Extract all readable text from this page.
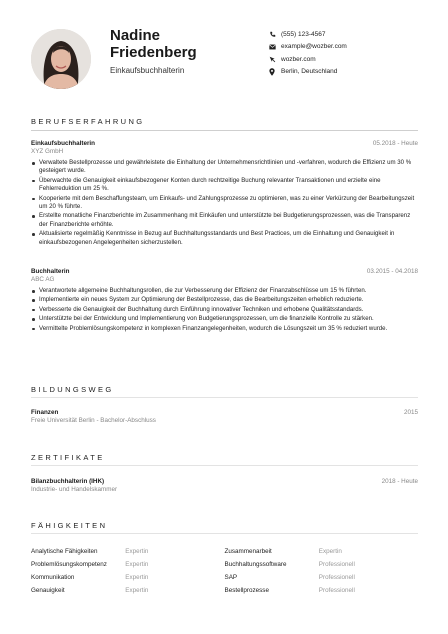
Nadine
Friedenberg
Einkaufsbuchhalterin
(555) 123-4567
example@wozber.com
wozber.com
Berlin, Deutschland
BERUFSERFAHRUNG
Einkaufsbuchhalterin	05.2018 - Heute
XYZ GmbH
Verwaltete Bestellprozesse und gewährleistete die Einhaltung der Unternehmensrichtlinien und -verfahren, wodurch die Effizienz um 30 % gesteigert wurde.
Überwachte die Genauigkeit einkaufsbezogener Konten durch rechtzeitige Buchung relevanter Transaktionen und erzielte eine Fehlerreduktion um 25 %.
Kooperierte mit dem Beschaffungsteam, um Einkaufs- und Zahlungsprozesse zu optimieren, was zu einer Verkürzung der Bearbeitungszeit um 20 % führte.
Erstellte monatliche Finanzberichte im Zusammenhang mit Einkäufen und unterstützte bei Budgetierungsprozessen, was die Transparenz der Finanzberichte erhöhte.
Aktualisierte regelmäßig Kenntnisse in Bezug auf Buchhaltungsstandards und Best Practices, um die Einhaltung und Genauigkeit in einkaufsbezogenen Angelegenheiten sicherzustellen.
Buchhalterin	03.2015 - 04.2018
ABC AG
Verantwortete allgemeine Buchhaltungsrollen, die zur Verbesserung der Effizienz der Finanzabschlüsse um 15 % führten.
Implementierte ein neues System zur Optimierung der Bestellprozesse, das die Bearbeitungszeiten erheblich reduzierte.
Verbesserte die Genauigkeit der Buchhaltung durch Einführung innovativer Techniken und erhobene Qualitätsstandards.
Unterstützte bei der Entwicklung und Implementierung von Budgetierungsprozessen, um die finanzielle Kontrolle zu stärken.
Vermittelte Problemlösungskompetenz in komplexen Finanzangelegenheiten, wodurch die Lösungszeit um 35 % reduziert wurde.
BILDUNGSWEG
Finanzen	2015
Freie Universität Berlin - Bachelor-Abschluss
ZERTIFIKATE
Bilanzbuchhalterin (IHK)	2018 - Heute
Industrie- und Handelskammer
FÄHIGKEITEN
Analytische Fähigkeiten	Expertin	Zusammenarbeit	Expertin
Problemlösungskompetenz	Expertin	Buchhaltungssoftware	Professionell
Kommunikation	Expertin	SAP	Professionell
Genauigkeit	Expertin	Bestellprozesse	Professionell
